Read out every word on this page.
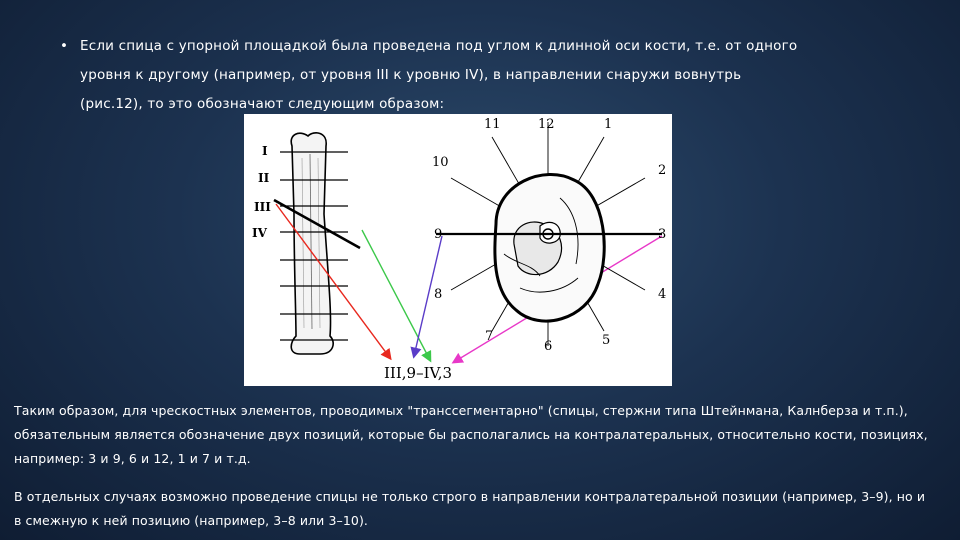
• Если спица с упорной площадкой была проведена под углом к длинной оси кости, т.е. от одного
уровня к другому (например, от уровня III к уровню IV), в направлении снаружи вовнутрь
(рис.12), то это обозначают следующим образом:
I
II
III
IV
11	12	1
10
2
9	3
8	4
7
6	5
III,9–IV,3
Таким образом, для чрескостных элементов, проводимых "транссегментарно" (спицы, стержни типа Штейнмана, Калнберза и т.п.),
обязательным является обозначение двух позиций, которые бы располагались на контралатеральных, относительно кости, позициях,
например: 3 и 9, 6 и 12, 1 и 7 и т.д.
В отдельных случаях возможно проведение спицы не только строго в направлении контралатеральной позиции (например, 3–9), но и
в смежную к ней позицию (например, 3–8 или 3–10).
